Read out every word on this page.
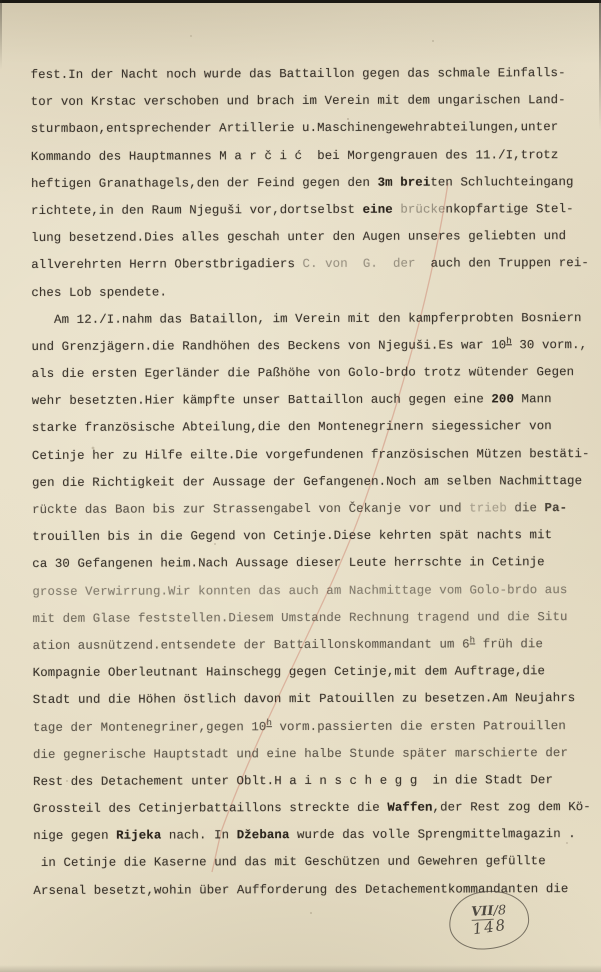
fest.In der Nacht noch wurde das Battaillon gegen das schmale Einfalls-
tor von Krstac verschoben und brach im Verein mit dem ungarischen Land-
sturmbaon,entsprechender Artillerie u.Maschinengewehrabteilungen,unter
Kommando des Hauptmannes M a r č i ć  bei Morgengrauen des 11./I,trotz
heftigen Granathagels,den der Feind gegen den 3m breiten Schluchteingang
richtete,in den Raum Njeguši vor,dortselbst eine brückenkopfartige Stel-
lung besetzend.Dies alles geschah unter den Augen unseres geliebten und
allverehrten Herrn Oberstbrigadiers C. von  G.  der  auch den Truppen rei-
ches Lob spendete.
Am 12./I.nahm das Bataillon, im Verein mit den kampferprobten Bosniern
und Grenzjägern.die Randhöhen des Beckens von Njeguši.Es war 10$^h$ 30 vorm.,
als die ersten Egerländer die Paßhöhe von Golo-brdo trotz wütender Gegen
wehr besetzten.Hier kämpfte unser Battaillon auch gegen eine 200 Mann
starke französische Abteilung,die den Montenegrinern siegessicher von
Cetinje her zu Hilfe eilte.Die vorgefundenen französischen Mützen bestäti-
gen die Richtigkeit der Aussage der Gefangenen.Noch am selben Nachmittage
rückte das Baon bis zur Strassengabel von Čekanje vor und trieb die Pa-
trouillen bis in die Gegend von Cetinje.Diese kehrten spät nachts mit
ca 30 Gefangenen heim.Nach Aussage dieser Leute herrschte in Cetinje
grosse Verwirrung.Wir konnten das auch am Nachmittage vom Golo-brdo aus
mit dem Glase feststellen.Diesem Umstande Rechnung tragend und die Situ
ation ausnützend.entsendete der Battaillonskommandant um 6$^h$ früh die
Kompagnie Oberleutnant Hainschegg gegen Cetinje,mit dem Auftrage,die
Stadt und die Höhen östlich davon mit Patouillen zu besetzen.Am Neujahrs
tage der Montenegriner,gegen 10$^h$ vorm.passierten die ersten Patrouillen
die gegnerische Hauptstadt und eine halbe Stunde später marschierte der
Rest des Detachement unter Oblt.H a i n s c h e g g  in die Stadt Der
Grossteil des Cetinjerbattaillons streckte die Waffen,der Rest zog dem Kö-
nige gegen Rijeka nach. In Džebana wurde das volle Sprengmittelmagazin .
in Cetinje die Kaserne und das mit Geschützen und Gewehren gefüllte
Arsenal besetzt,wohin über Aufforderung des Detachementkommandanten die
VII/8
148
